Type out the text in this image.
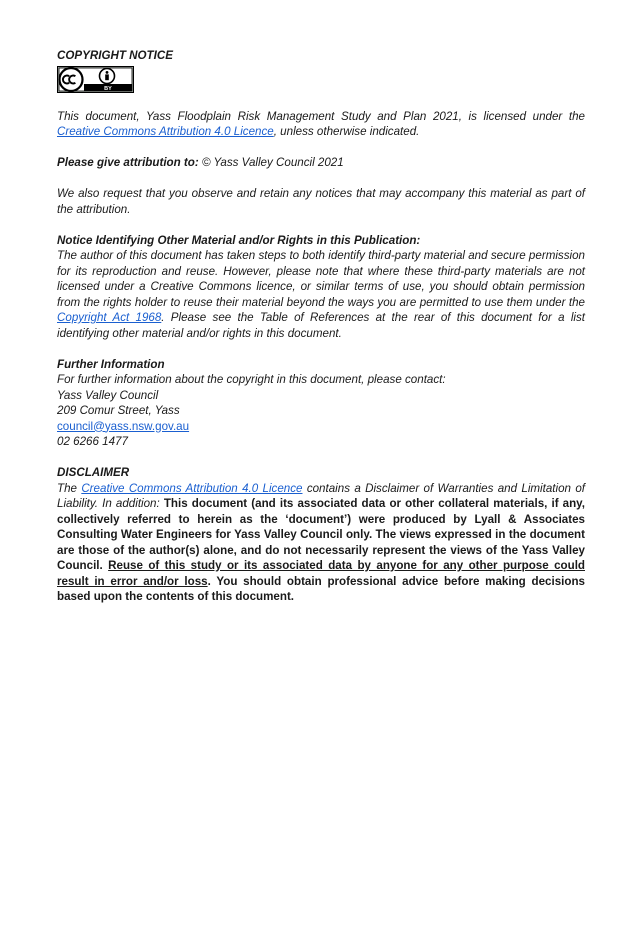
COPYRIGHT NOTICE
BY

This document, Yass Floodplain Risk Management Study and Plan 2021, is licensed under the Creative Commons Attribution 4.0 Licence, unless otherwise indicated.

Please give attribution to: © Yass Valley Council 2021

We also request that you observe and retain any notices that may accompany this material as part of the attribution.

Notice Identifying Other Material and/or Rights in this Publication:

The author of this document has taken steps to both identify third-party material and secure permission for its reproduction and reuse. However, please note that where these third-party materials are not licensed under a Creative Commons licence, or similar terms of use, you should obtain permission from the rights holder to reuse their material beyond the ways you are permitted to use them under the Copyright Act 1968. Please see the Table of References at the rear of this document for a list identifying other material and/or rights in this document.

Further Information

For further information about the copyright in this document, please contact:

Yass Valley Council

209 Comur Street, Yass

council@yass.nsw.gov.au

02 6266 1477

DISCLAIMER

The Creative Commons Attribution 4.0 Licence contains a Disclaimer of Warranties and Limitation of Liability. In addition: This document (and its associated data or other collateral materials, if any, collectively referred to herein as the ‘document’) were produced by Lyall & Associates Consulting Water Engineers for Yass Valley Council only. The views expressed in the document are those of the author(s) alone, and do not necessarily represent the views of the Yass Valley Council. Reuse of this study or its associated data by anyone for any other purpose could result in error and/or loss. You should obtain professional advice before making decisions based upon the contents of this document.
